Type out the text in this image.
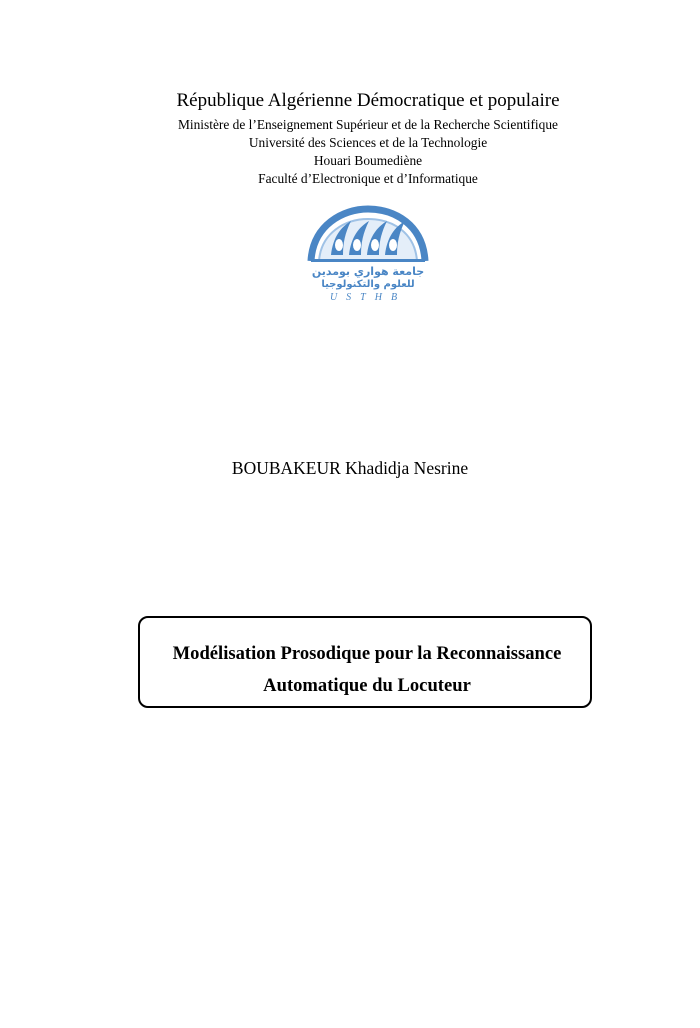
République Algérienne Démocratique et populaire
Ministère de l’Enseignement Supérieur et de la Recherche Scientifique
Université des Sciences et de la Technologie
Houari Boumediène
Faculté d’Electronique et d’Informatique
جامعة هواري بومدين
للعلوم والتكنولوجيا
USTHB
BOUBAKEUR Khadidja Nesrine
Modélisation Prosodique pour la Reconnaissance
Automatique du Locuteur
